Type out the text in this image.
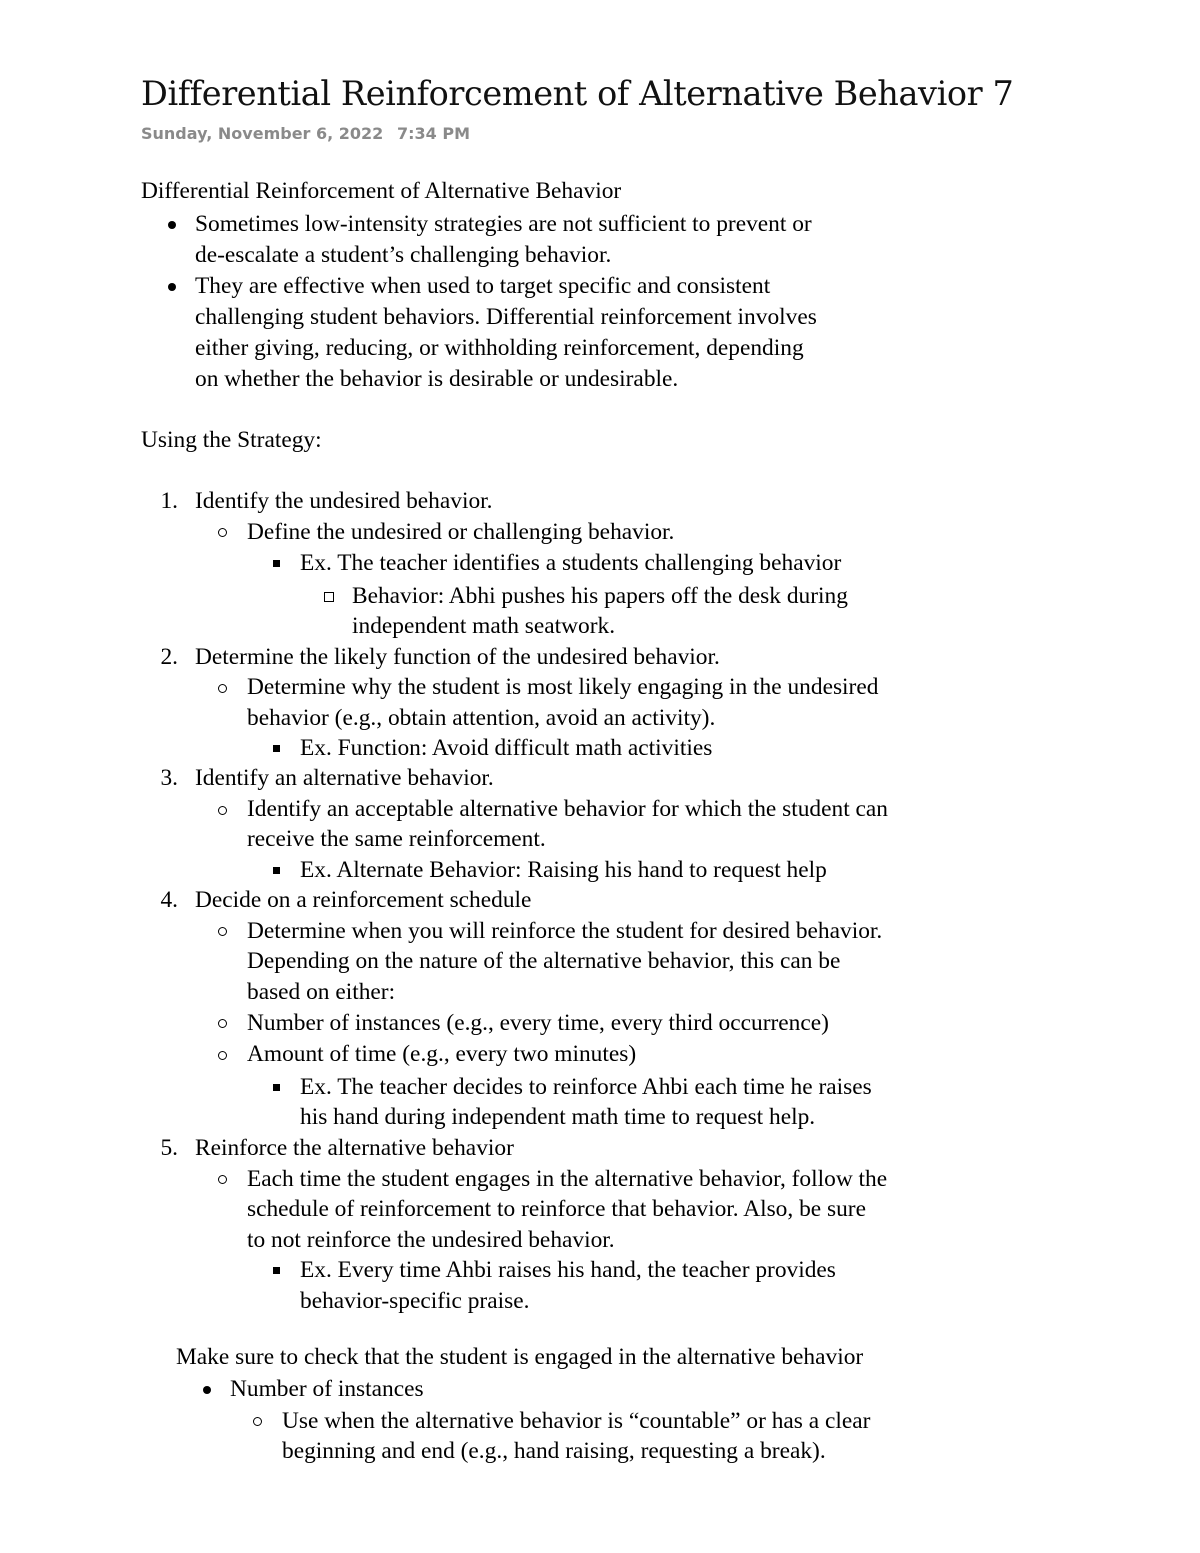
Differential Reinforcement of Alternative Behavior 7
Sunday, November 6, 2022 7:34 PM

Differential Reinforcement of Alternative Behavior

Sometimes low-intensity strategies are not sufficient to prevent or

de-escalate a student’s challenging behavior.

They are effective when used to target specific and consistent

challenging student behaviors. Differential reinforcement involves

either giving, reducing, or withholding reinforcement, depending

on whether the behavior is desirable or undesirable.

Using the Strategy:

1. Identify the undesired behavior.

Define the undesired or challenging behavior.

Ex. The teacher identifies a students challenging behavior

Behavior: Abhi pushes his papers off the desk during

independent math seatwork.

2. Determine the likely function of the undesired behavior.

Determine why the student is most likely engaging in the undesired

behavior (e.g., obtain attention, avoid an activity).

Ex. Function: Avoid difficult math activities

3. Identify an alternative behavior.

Identify an acceptable alternative behavior for which the student can

receive the same reinforcement.

Ex. Alternate Behavior: Raising his hand to request help

4. Decide on a reinforcement schedule

Determine when you will reinforce the student for desired behavior.

Depending on the nature of the alternative behavior, this can be

based on either:

Number of instances (e.g., every time, every third occurrence)

Amount of time (e.g., every two minutes)

Ex. The teacher decides to reinforce Ahbi each time he raises

his hand during independent math time to request help.

5. Reinforce the alternative behavior

Each time the student engages in the alternative behavior, follow the

schedule of reinforcement to reinforce that behavior. Also, be sure

to not reinforce the undesired behavior.

Ex. Every time Ahbi raises his hand, the teacher provides

behavior-specific praise.

Make sure to check that the student is engaged in the alternative behavior

Number of instances

Use when the alternative behavior is “countable” or has a clear

beginning and end (e.g., hand raising, requesting a break).
